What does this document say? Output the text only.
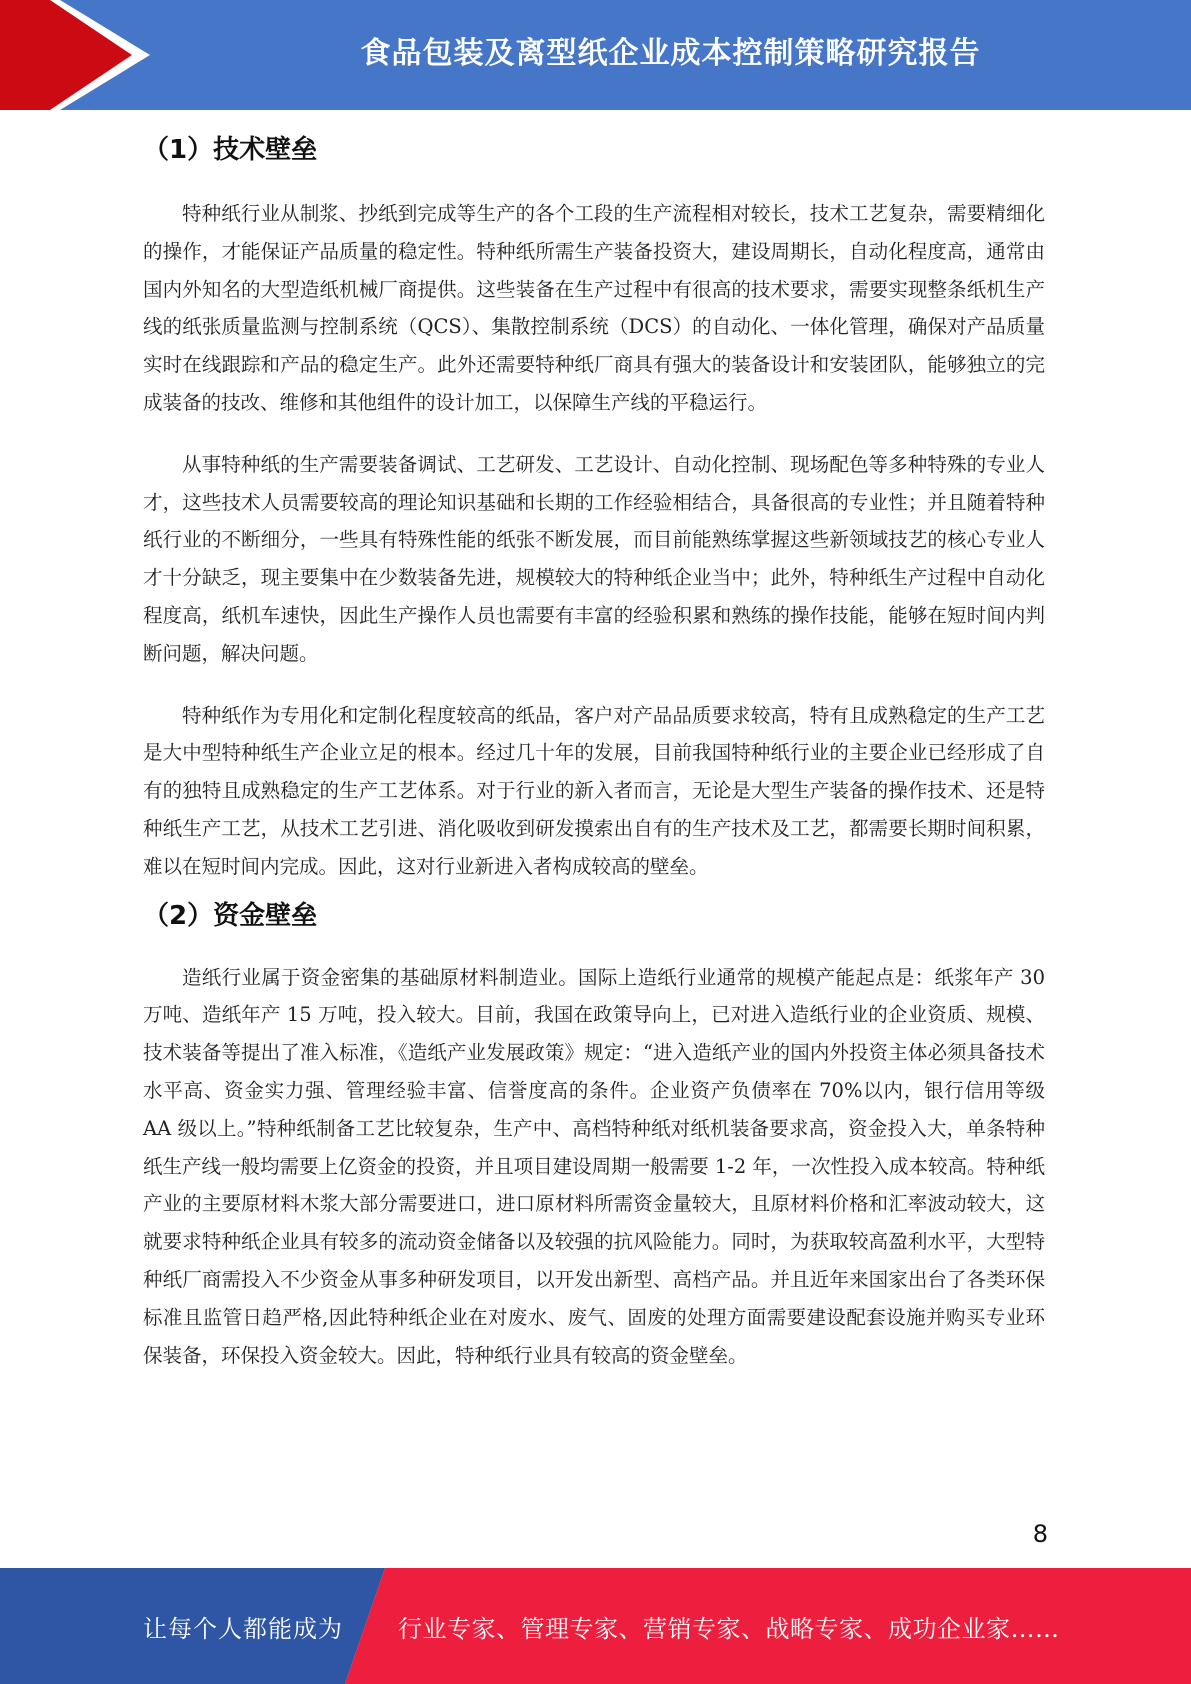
食品包装及离型纸企业成本控制策略研究报告
（1）技术壁垒

特种纸行业从制浆、抄纸到完成等生产的各个工段的生产流程相对较长，技术工艺复杂，需要精细化的操作，才能保证产品质量的稳定性。特种纸所需生产装备投资大，建设周期长，自动化程度高，通常由国内外知名的大型造纸机械厂商提供。这些装备在生产过程中有很高的技术要求，需要实现整条纸机生产线的纸张质量监测与控制系统（QCS）、集散控制系统（DCS）的自动化、一体化管理，确保对产品质量实时在线跟踪和产品的稳定生产。此外还需要特种纸厂商具有强大的装备设计和安装团队，能够独立的完成装备的技改、维修和其他组件的设计加工，以保障生产线的平稳运行。

从事特种纸的生产需要装备调试、工艺研发、工艺设计、自动化控制、现场配色等多种特殊的专业人才，这些技术人员需要较高的理论知识基础和长期的工作经验相结合，具备很高的专业性；并且随着特种纸行业的不断细分，一些具有特殊性能的纸张不断发展，而目前能熟练掌握这些新领域技艺的核心专业人才十分缺乏，现主要集中在少数装备先进，规模较大的特种纸企业当中；此外，特种纸生产过程中自动化程度高，纸机车速快，因此生产操作人员也需要有丰富的经验积累和熟练的操作技能，能够在短时间内判断问题，解决问题。

特种纸作为专用化和定制化程度较高的纸品，客户对产品品质要求较高，特有且成熟稳定的生产工艺是大中型特种纸生产企业立足的根本。经过几十年的发展，目前我国特种纸行业的主要企业已经形成了自有的独特且成熟稳定的生产工艺体系。对于行业的新入者而言，无论是大型生产装备的操作技术、还是特种纸生产工艺，从技术工艺引进、消化吸收到研发摸索出自有的生产技术及工艺，都需要长期时间积累，难以在短时间内完成。因此，这对行业新进入者构成较高的壁垒。

（2）资金壁垒

造纸行业属于资金密集的基础原材料制造业。国际上造纸行业通常的规模产能起点是：纸浆年产 30 万吨、造纸年产 15 万吨，投入较大。目前，我国在政策导向上，已对进入造纸行业的企业资质、规模、技术装备等提出了准入标准，《造纸产业发展政策》规定：“进入造纸产业的国内外投资主体必须具备技术水平高、资金实力强、管理经验丰富、信誉度高的条件。企业资产负债率在 70%以内，银行信用等级 AA 级以上。”特种纸制备工艺比较复杂，生产中、高档特种纸对纸机装备要求高，资金投入大，单条特种纸生产线一般均需要上亿资金的投资，并且项目建设周期一般需要 1-2 年，一次性投入成本较高。特种纸产业的主要原材料木浆大部分需要进口，进口原材料所需资金量较大，且原材料价格和汇率波动较大，这就要求特种纸企业具有较多的流动资金储备以及较强的抗风险能力。同时，为获取较高盈利水平，大型特种纸厂商需投入不少资金从事多种研发项目，以开发出新型、高档产品。并且近年来国家出台了各类环保标准且监管日趋严格,因此特种纸企业在对废水、废气、固废的处理方面需要建设配套设施并购买专业环保装备，环保投入资金较大。因此，特种纸行业具有较高的资金壁垒。

8
让每个人都能成为 行业专家、管理专家、营销专家、战略专家、成功企业家……
